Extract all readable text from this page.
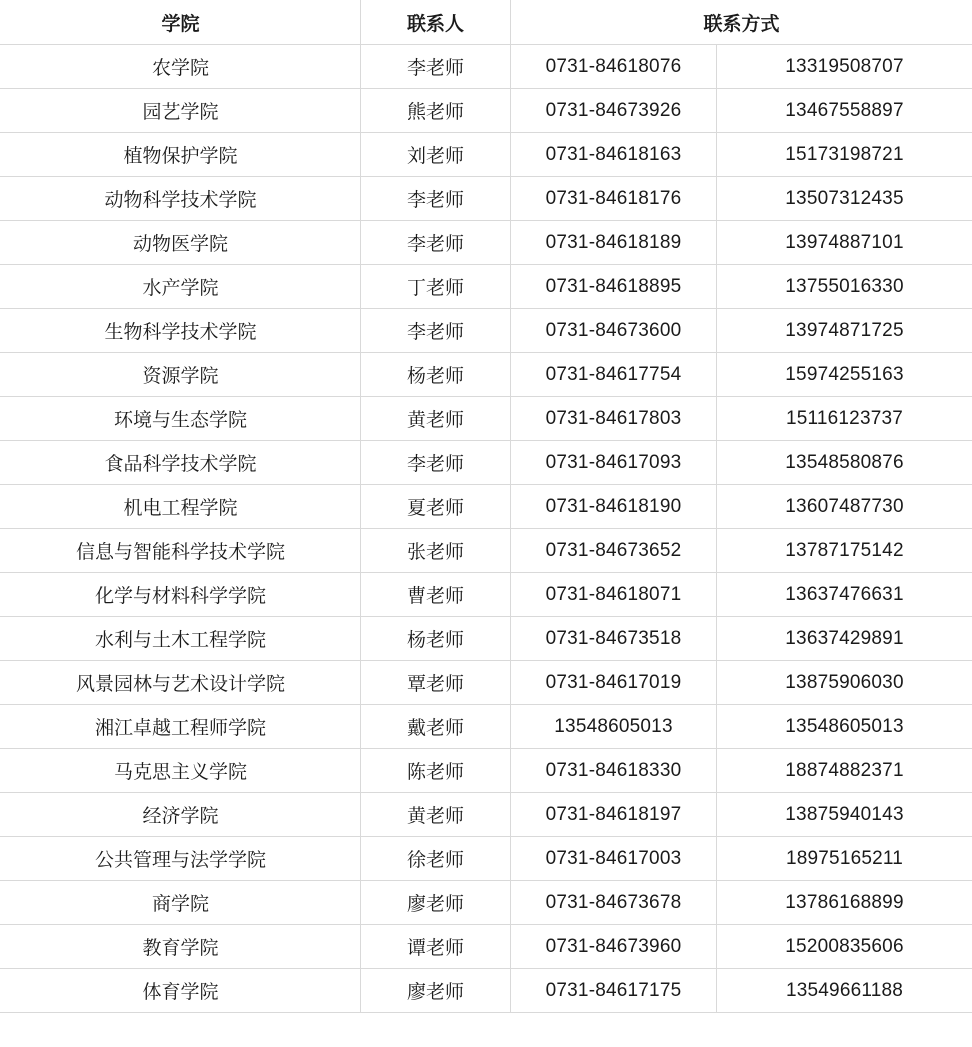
学院	联系人	联系方式	
农学院	李老师	0731-84618076	13319508707
园艺学院	熊老师	0731-84673926	13467558897
植物保护学院	刘老师	0731-84618163	15173198721
动物科学技术学院	李老师	0731-84618176	13507312435
动物医学院	李老师	0731-84618189	13974887101
水产学院	丁老师	0731-84618895	13755016330
生物科学技术学院	李老师	0731-84673600	13974871725
资源学院	杨老师	0731-84617754	15974255163
环境与生态学院	黄老师	0731-84617803	15116123737
食品科学技术学院	李老师	0731-84617093	13548580876
机电工程学院	夏老师	0731-84618190	13607487730
信息与智能科学技术学院	张老师	0731-84673652	13787175142
化学与材料科学学院	曹老师	0731-84618071	13637476631
水利与土木工程学院	杨老师	0731-84673518	13637429891
风景园林与艺术设计学院	覃老师	0731-84617019	13875906030
湘江卓越工程师学院	戴老师	13548605013	13548605013
马克思主义学院	陈老师	0731-84618330	18874882371
经济学院	黄老师	0731-84618197	13875940143
公共管理与法学学院	徐老师	0731-84617003	18975165211
商学院	廖老师	0731-84673678	13786168899
教育学院	谭老师	0731-84673960	15200835606
体育学院	廖老师	0731-84617175	13549661188
